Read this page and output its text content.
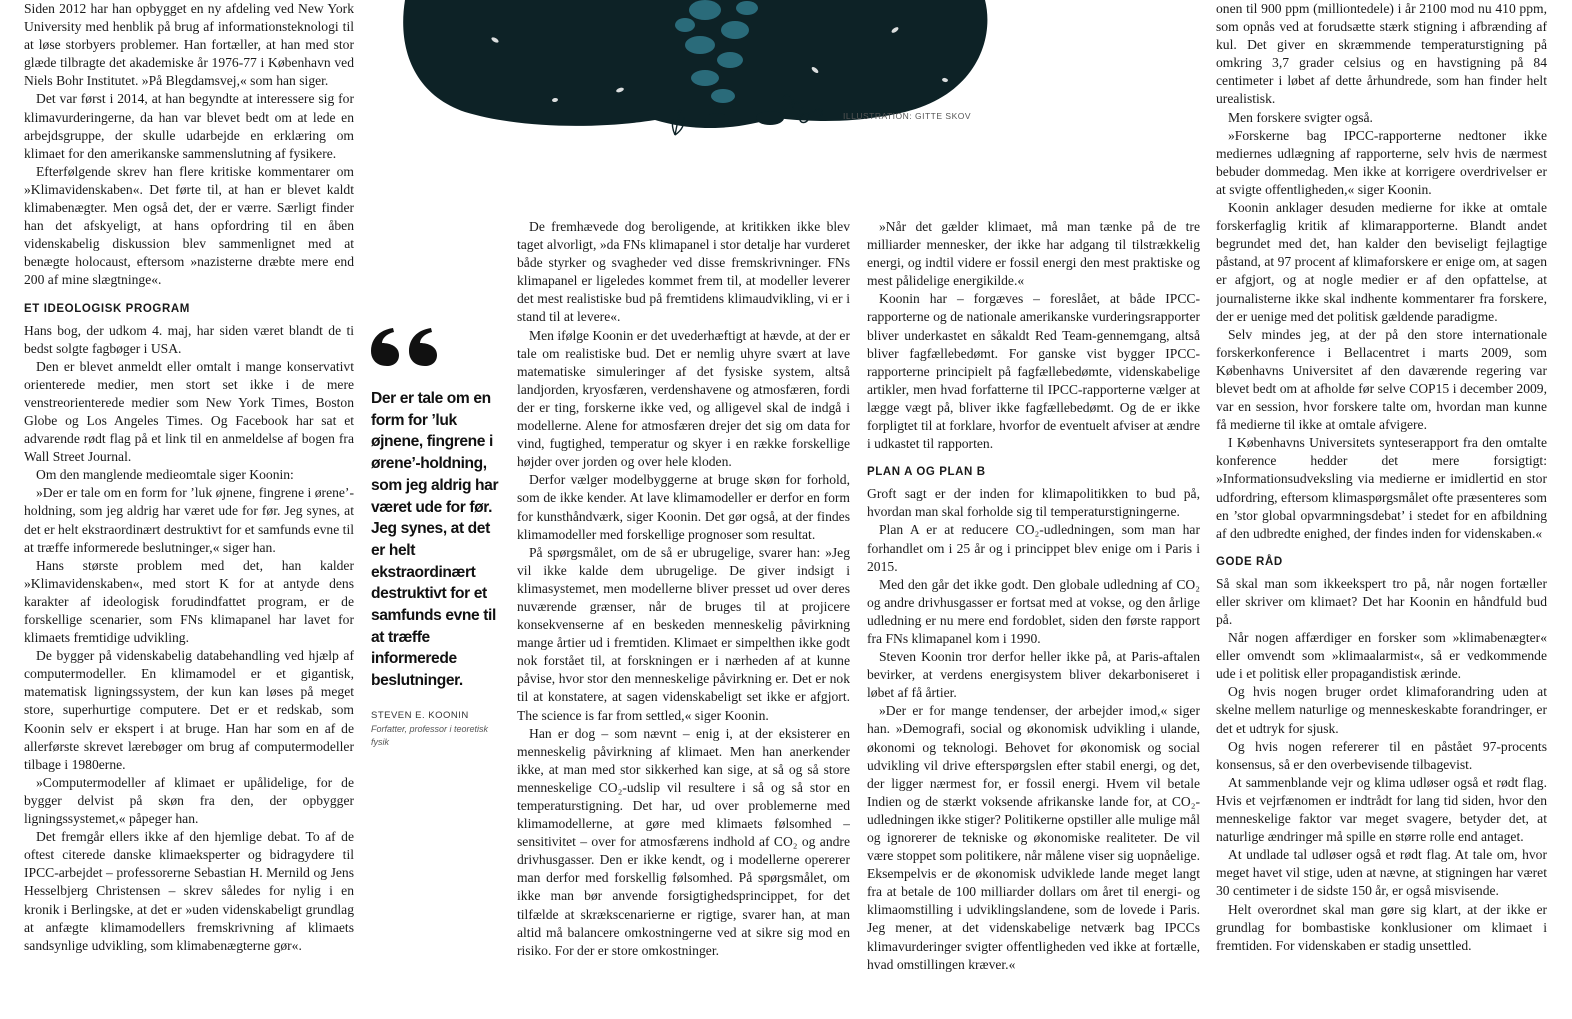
ILLUSTRATION: GITTE SKOV

Siden 2012 har han opbygget en ny afdeling ved New York University med henblik på brug af informationsteknologi til at løse storbyers problemer. Han fortæller, at han med stor glæde tilbragte det akademiske år 1976-77 i København ved Niels Bohr Institutet. »På Blegdamsvej,« som han siger.

Det var først i 2014, at han begyndte at interessere sig for klimavurderingerne, da han var blevet bedt om at lede en arbejdsgruppe, der skulle udarbejde en erklæring om klimaet for den amerikanske sammenslutning af fysikere.

Efterfølgende skrev han flere kritiske kommentarer om »Klimavidenskaben«. Det førte til, at han er blevet kaldt klimabenægter. Men også det, der er værre. Særligt finder han det afskyeligt, at hans opfordring til en åben videnskabelig diskussion blev sammenlignet med at benægte holocaust, eftersom »nazisterne dræbte mere end 200 af mine slægtninge«.

ET IDEOLOGISK PROGRAM

Hans bog, der udkom 4. maj, har siden været blandt de ti bedst solgte fagbøger i USA.

Den er blevet anmeldt eller omtalt i mange konservativt orienterede medier, men stort set ikke i de mere venstreorienterede medier som New York Times, Boston Globe og Los Angeles Times. Og Facebook har sat et advarende rødt flag på et link til en anmeldelse af bogen fra Wall Street Journal.

Om den manglende medieomtale siger Koonin:

»Der er tale om en form for ’luk øjnene, fingrene i ørene’-holdning, som jeg aldrig har været ude for før. Jeg synes, at det er helt ekstraordinært destruktivt for et samfunds evne til at træffe informerede beslutninger,« siger han.

Hans største problem med det, han kalder »Klimavidenskaben«, med stort K for at antyde dens karakter af ideologisk forudindfattet program, er de forskellige scenarier, som FNs klimapanel har lavet for klimaets fremtidige udvikling.

De bygger på videnskabelig databehandling ved hjælp af computermodeller. En klimamodel er et gigantisk, matematisk ligningssystem, der kun kan løses på meget store, superhurtige computere. Det er et redskab, som Koonin selv er ekspert i at bruge. Han har som en af de allerførste skrevet lærebøger om brug af computermodeller tilbage i 1980erne.

»Computermodeller af klimaet er upålidelige, for de bygger delvist på skøn fra den, der opbygger ligningssystemet,« påpeger han.

Det fremgår ellers ikke af den hjemlige debat. To af de oftest citerede danske klimaeksperter og bidragydere til IPCC-arbejdet – professorerne Sebastian H. Mernild og Jens Hesselbjerg Christensen – skrev således for nylig i en kronik i Berlingske, at det er »uden videnskabeligt grundlag at anfægte klimamodellers fremskrivning af klimaets sandsynlige udvikling, som klimabenægterne gør«.

Der er tale om en form for ’luk øjnene, fingrene i ørene’-holdning, som jeg aldrig har været ude for før. Jeg synes, at det er helt ekstraordinært destruktivt for et samfunds evne til at træffe informerede beslutninger.
STEVEN E. KOONIN
Forfatter, professor i teoretisk fysik

De fremhævede dog beroligende, at kritikken ikke blev taget alvorligt, »da FNs klimapanel i stor detalje har vurderet både styrker og svagheder ved disse fremskrivninger. FNs klimapanel er ligeledes kommet frem til, at modeller leverer det mest realistiske bud på fremtidens klimaudvikling, vi er i stand til at levere«.

Men ifølge Koonin er det uvederhæftigt at hævde, at der er tale om realistiske bud. Det er nemlig uhyre svært at lave matematiske simuleringer af det fysiske system, altså landjorden, kryosfæren, verdenshavene og atmosfæren, fordi der er ting, forskerne ikke ved, og alligevel skal de indgå i modellerne. Alene for atmosfæren drejer det sig om data for vind, fugtighed, temperatur og skyer i en række forskellige højder over jorden og over hele kloden.

Derfor vælger modelbyggerne at bruge skøn for forhold, som de ikke kender. At lave klimamodeller er derfor en form for kunsthåndværk, siger Koonin. Det gør også, at der findes klimamodeller med forskellige prognoser som resultat.

På spørgsmålet, om de så er ubrugelige, svarer han: »Jeg vil ikke kalde dem ubrugelige. De giver indsigt i klimasystemet, men modellerne bliver presset ud over deres nuværende grænser, når de bruges til at projicere konsekvenserne af en beskeden menneskelig påvirkning mange årtier ud i fremtiden. Klimaet er simpelthen ikke godt nok forstået til, at forskningen er i nærheden af at kunne påvise, hvor stor den menneskelige påvirkning er. Det er nok til at konstatere, at sagen videnskabeligt set ikke er afgjort. The science is far from settled,« siger Koonin.

Han er dog – som nævnt – enig i, at der eksisterer en menneskelig påvirkning af klimaet. Men han anerkender ikke, at man med stor sikkerhed kan sige, at så og så store menneskelige CO₂-udslip vil resultere i så og så stor en temperaturstigning. Det har, ud over problemerne med klimamodellerne, at gøre med klimaets følsomhed – sensitivitet – over for atmosfærens indhold af CO₂ og andre drivhusgasser. Den er ikke kendt, og i modellerne opererer man derfor med forskellig følsomhed. På spørgsmålet, om ikke man bør anvende forsigtighedsprincippet, for det tilfælde at skrækscenarierne er rigtige, svarer han, at man altid må balancere omkostningerne ved at sikre sig mod en risiko. For der er store omkostninger.

»Når det gælder klimaet, må man tænke på de tre milliarder mennesker, der ikke har adgang til tilstrækkelig energi, og indtil videre er fossil energi den mest praktiske og mest pålidelige energikilde.«

Koonin har – forgæves – foreslået, at både IPCC-rapporterne og de nationale amerikanske vurderingsrapporter bliver underkastet en såkaldt Red Team-gennemgang, altså bliver fagfællebedømt. For ganske vist bygger IPCC-rapporterne principielt på fagfællebedømte, videnskabelige artikler, men hvad forfatterne til IPCC-rapporterne vælger at lægge vægt på, bliver ikke fagfællebedømt. Og de er ikke forpligtet til at forklare, hvorfor de eventuelt afviser at ændre i udkastet til rapporten.

PLAN A OG PLAN B

Groft sagt er der inden for klimapolitikken to bud på, hvordan man skal forholde sig til temperaturstigningerne.

Plan A er at reducere CO₂-udledningen, som man har forhandlet om i 25 år og i princippet blev enige om i Paris i 2015.

Med den går det ikke godt. Den globale udledning af CO₂ og andre drivhusgasser er fortsat med at vokse, og den årlige udledning er nu mere end fordoblet, siden den første rapport fra FNs klimapanel kom i 1990.

Steven Koonin tror derfor heller ikke på, at Paris-aftalen bevirker, at verdens energisystem bliver dekarboniseret i løbet af få årtier.

»Der er for mange tendenser, der arbejder imod,« siger han. »Demografi, social og økonomisk udvikling i ulande, økonomi og teknologi. Behovet for økonomisk og social udvikling vil drive efterspørgslen efter stabil energi, og det, der ligger nærmest for, er fossil energi. Hvem vil betale Indien og de stærkt voksende afrikanske lande for, at CO₂-udledningen ikke stiger? Politikerne opstiller alle mulige mål og ignorerer de tekniske og økonomiske realiteter. De vil være stoppet som politikere, når målene viser sig uopnåelige. Eksempelvis er de økonomisk udviklede lande meget langt fra at betale de 100 milliarder dollars om året til energi- og klimaomstilling i udviklingslandene, som de lovede i Paris. Jeg mener, at det videnskabelige netværk bag IPCCs klimavurderinger svigter offentligheden ved ikke at fortælle, hvad omstillingen kræver.«

onen til 900 ppm (milliontedele) i år 2100 mod nu 410 ppm, som opnås ved at forudsætte stærk stigning i afbrænding af kul. Det giver en skræmmende temperaturstigning på omkring 3,7 grader celsius og en havstigning på 84 centimeter i løbet af dette århundrede, som han finder helt urealistisk.

Men forskere svigter også.

»Forskerne bag IPCC-rapporterne nedtoner ikke mediernes udlægning af rapporterne, selv hvis de nærmest bebuder dommedag. Men ikke at korrigere overdrivelser er at svigte offentligheden,« siger Koonin.

Koonin anklager desuden medierne for ikke at omtale forskerfaglig kritik af klimarapporterne. Blandt andet begrundet med det, han kalder den beviseligt fejlagtige påstand, at 97 procent af klimaforskere er enige om, at sagen er afgjort, og at nogle medier er af den opfattelse, at journalisterne ikke skal indhente kommentarer fra forskere, der er uenige med det politisk gældende paradigme.

Selv mindes jeg, at der på den store internationale forskerkonference i Bellacentret i marts 2009, som Københavns Universitet af den daværende regering var blevet bedt om at afholde før selve COP15 i december 2009, var en session, hvor forskere talte om, hvordan man kunne få medierne til ikke at omtale afvigere.

I Københavns Universitets synteserapport fra den omtalte konference hedder det mere forsigtigt: »Informationsudveksling via medierne er imidlertid en stor udfordring, eftersom klimaspørgsmålet ofte præsenteres som en ’stor global opvarmningsdebat’ i stedet for en afbildning af den udbredte enighed, der findes inden for videnskaben.«

GODE RÅD

Så skal man som ikkeekspert tro på, når nogen fortæller eller skriver om klimaet? Det har Koonin en håndfuld bud på.

Når nogen affærdiger en forsker som »klimabenægter« eller omvendt som »klimaalarmist«, så er vedkommende ude i et politisk eller propagandistisk ærinde.

Og hvis nogen bruger ordet klimaforandring uden at skelne mellem naturlige og menneskeskabte forandringer, er det et udtryk for sjusk.

Og hvis nogen refererer til en påstået 97-procents konsensus, så er den overbevisende tilbagevist.

At sammenblande vejr og klima udløser også et rødt flag. Hvis et vejrfænomen er indtrådt for lang tid siden, hvor den menneskelige faktor var meget svagere, betyder det, at naturlige ændringer må spille en større rolle end antaget.

At undlade tal udløser også et rødt flag. At tale om, hvor meget havet vil stige, uden at nævne, at stigningen har været 30 centimeter i de sidste 150 år, er også misvisende.

Helt overordnet skal man gøre sig klart, at der ikke er grundlag for bombastiske konklusioner om klimaet i fremtiden. For videnskaben er stadig unsettled.
